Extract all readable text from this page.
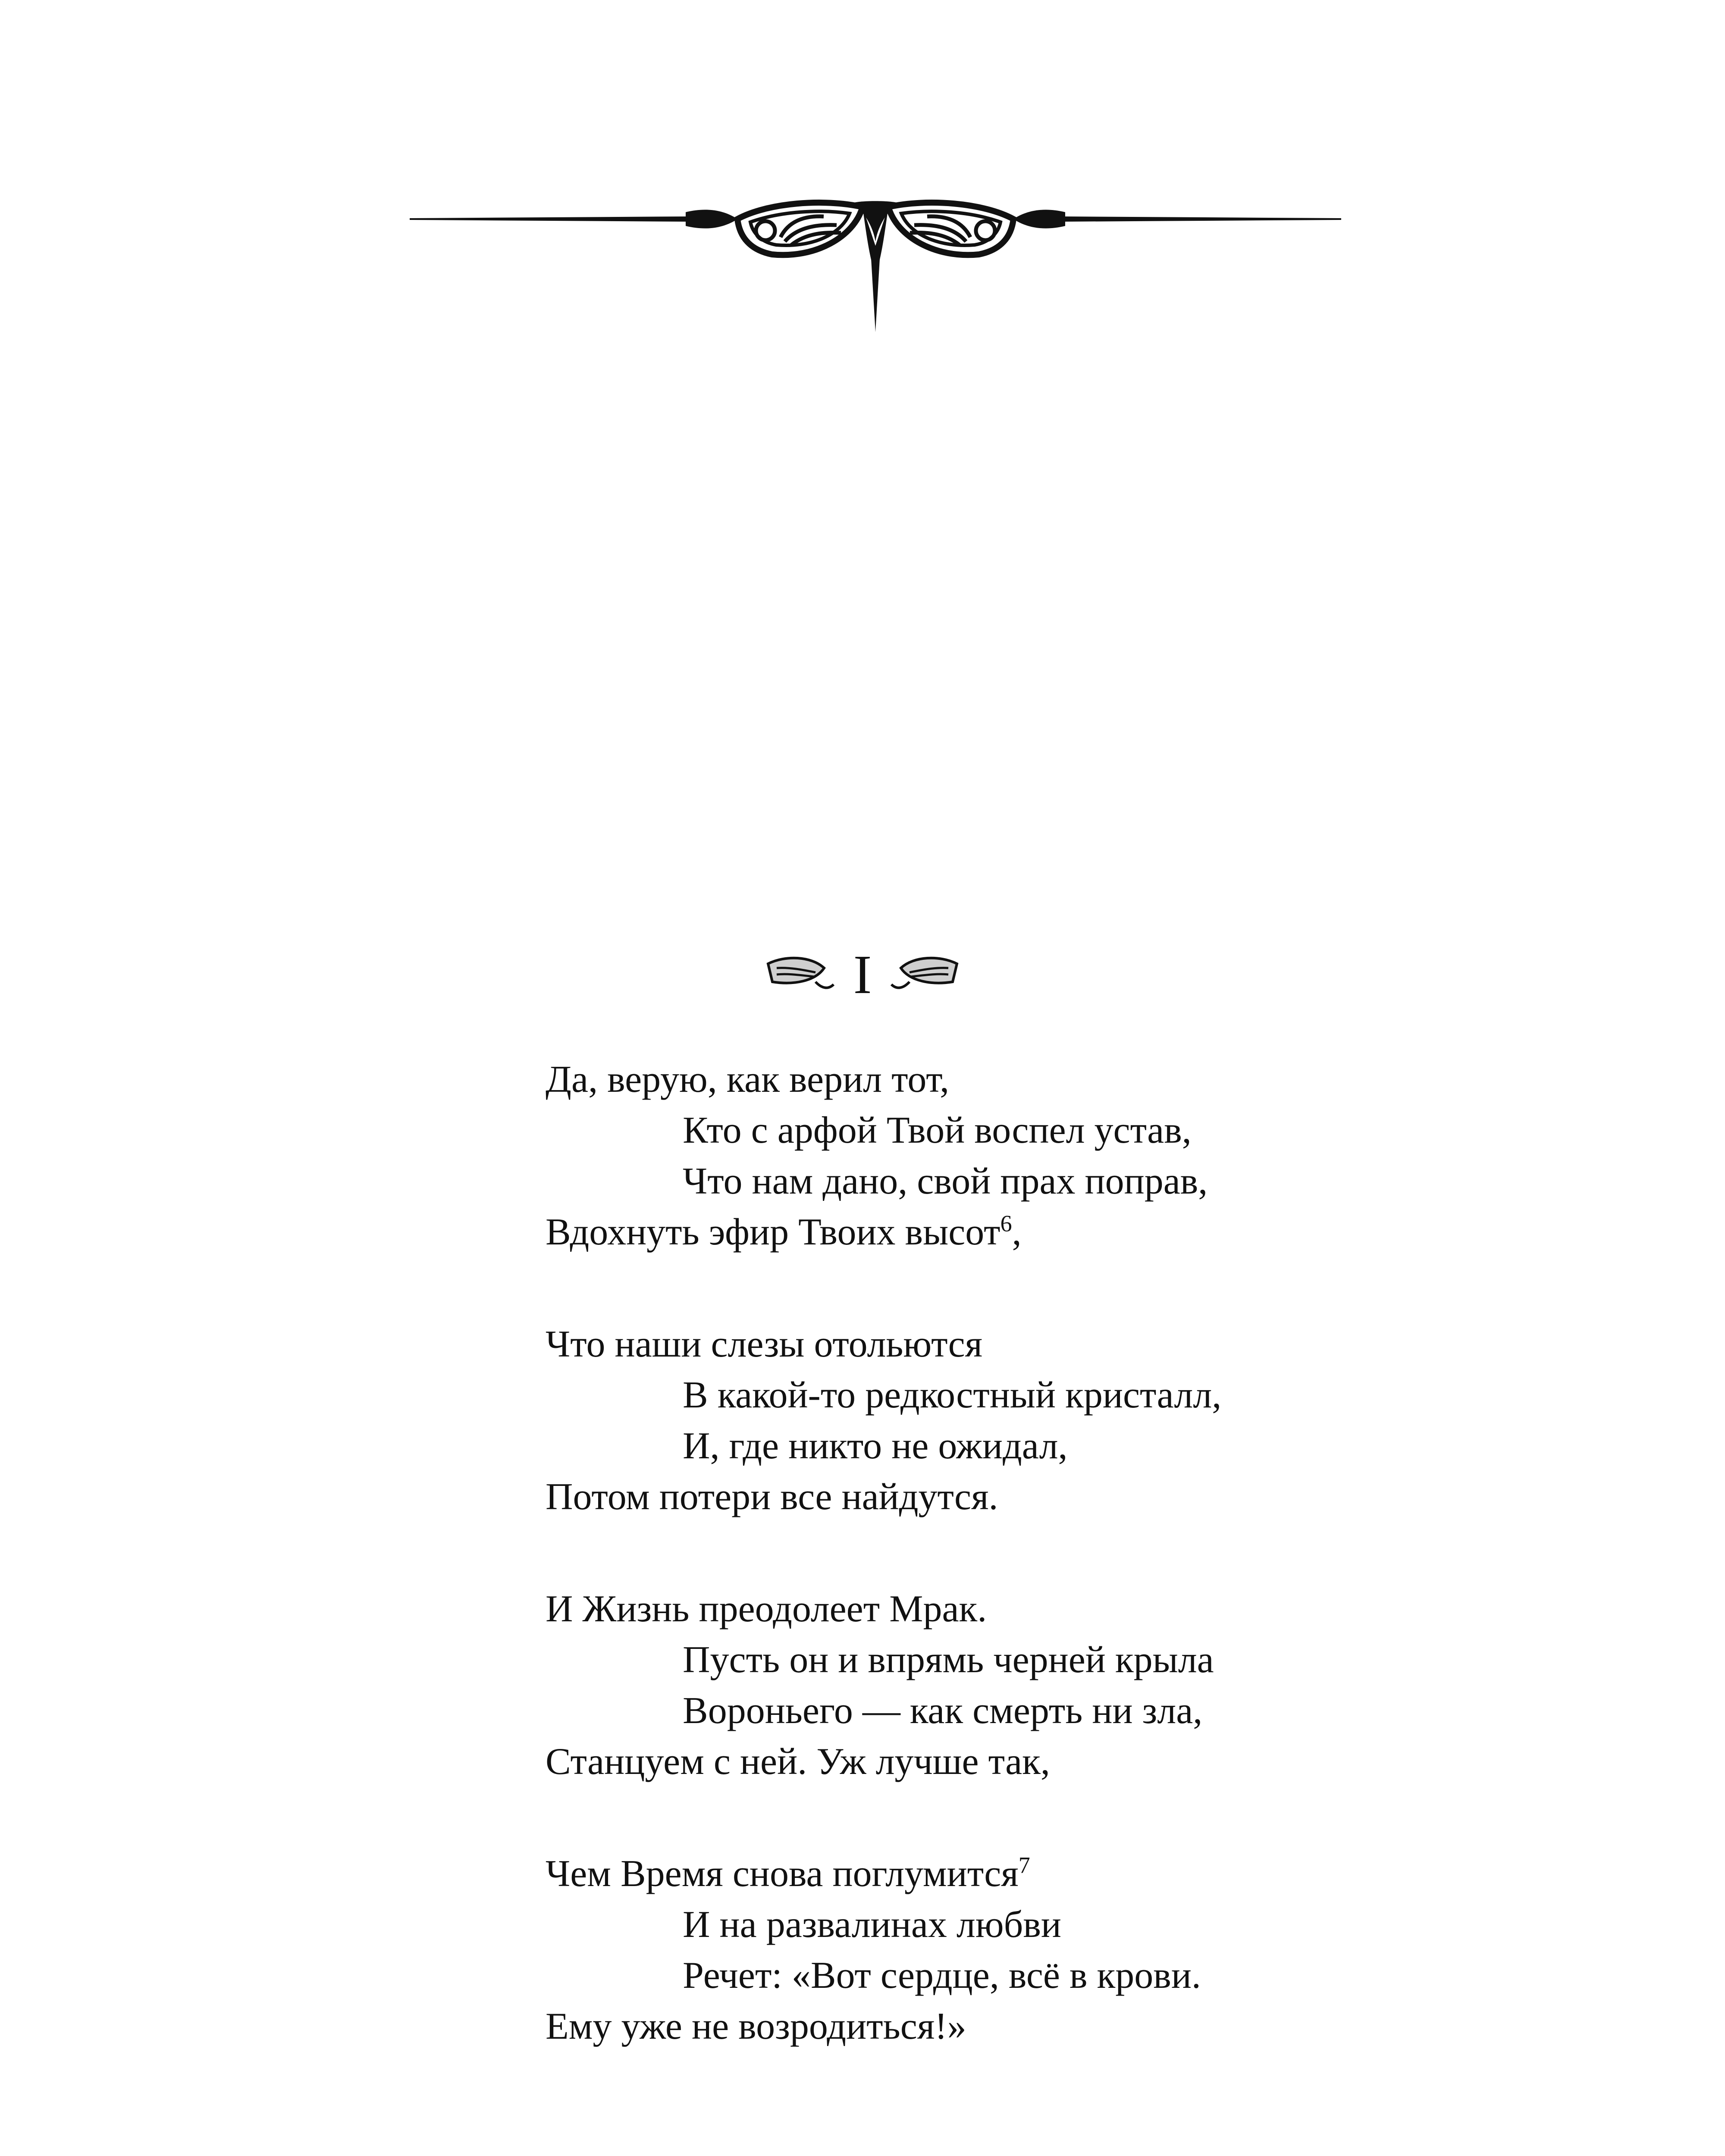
I
Да, верую, как верил тот,
Кто с арфой Твой воспел устав,
Что нам дано, свой прах поправ,
Вдохнуть эфир Твоих высот$^6$,
Что наши слезы отольются
В какой-то редкостный кристалл,
И, где никто не ожидал,
Потом потери все найдутся.
И Жизнь преодолеет Мрак.
Пусть он и впрямь черней крыла
Вороньего — как смерть ни зла,
Станцуем с ней. Уж лучше так,
Чем Время снова поглумится$^7$
И на развалинах любви
Речет: «Вот сердце, всё в крови.
Ему уже не возродиться!»
